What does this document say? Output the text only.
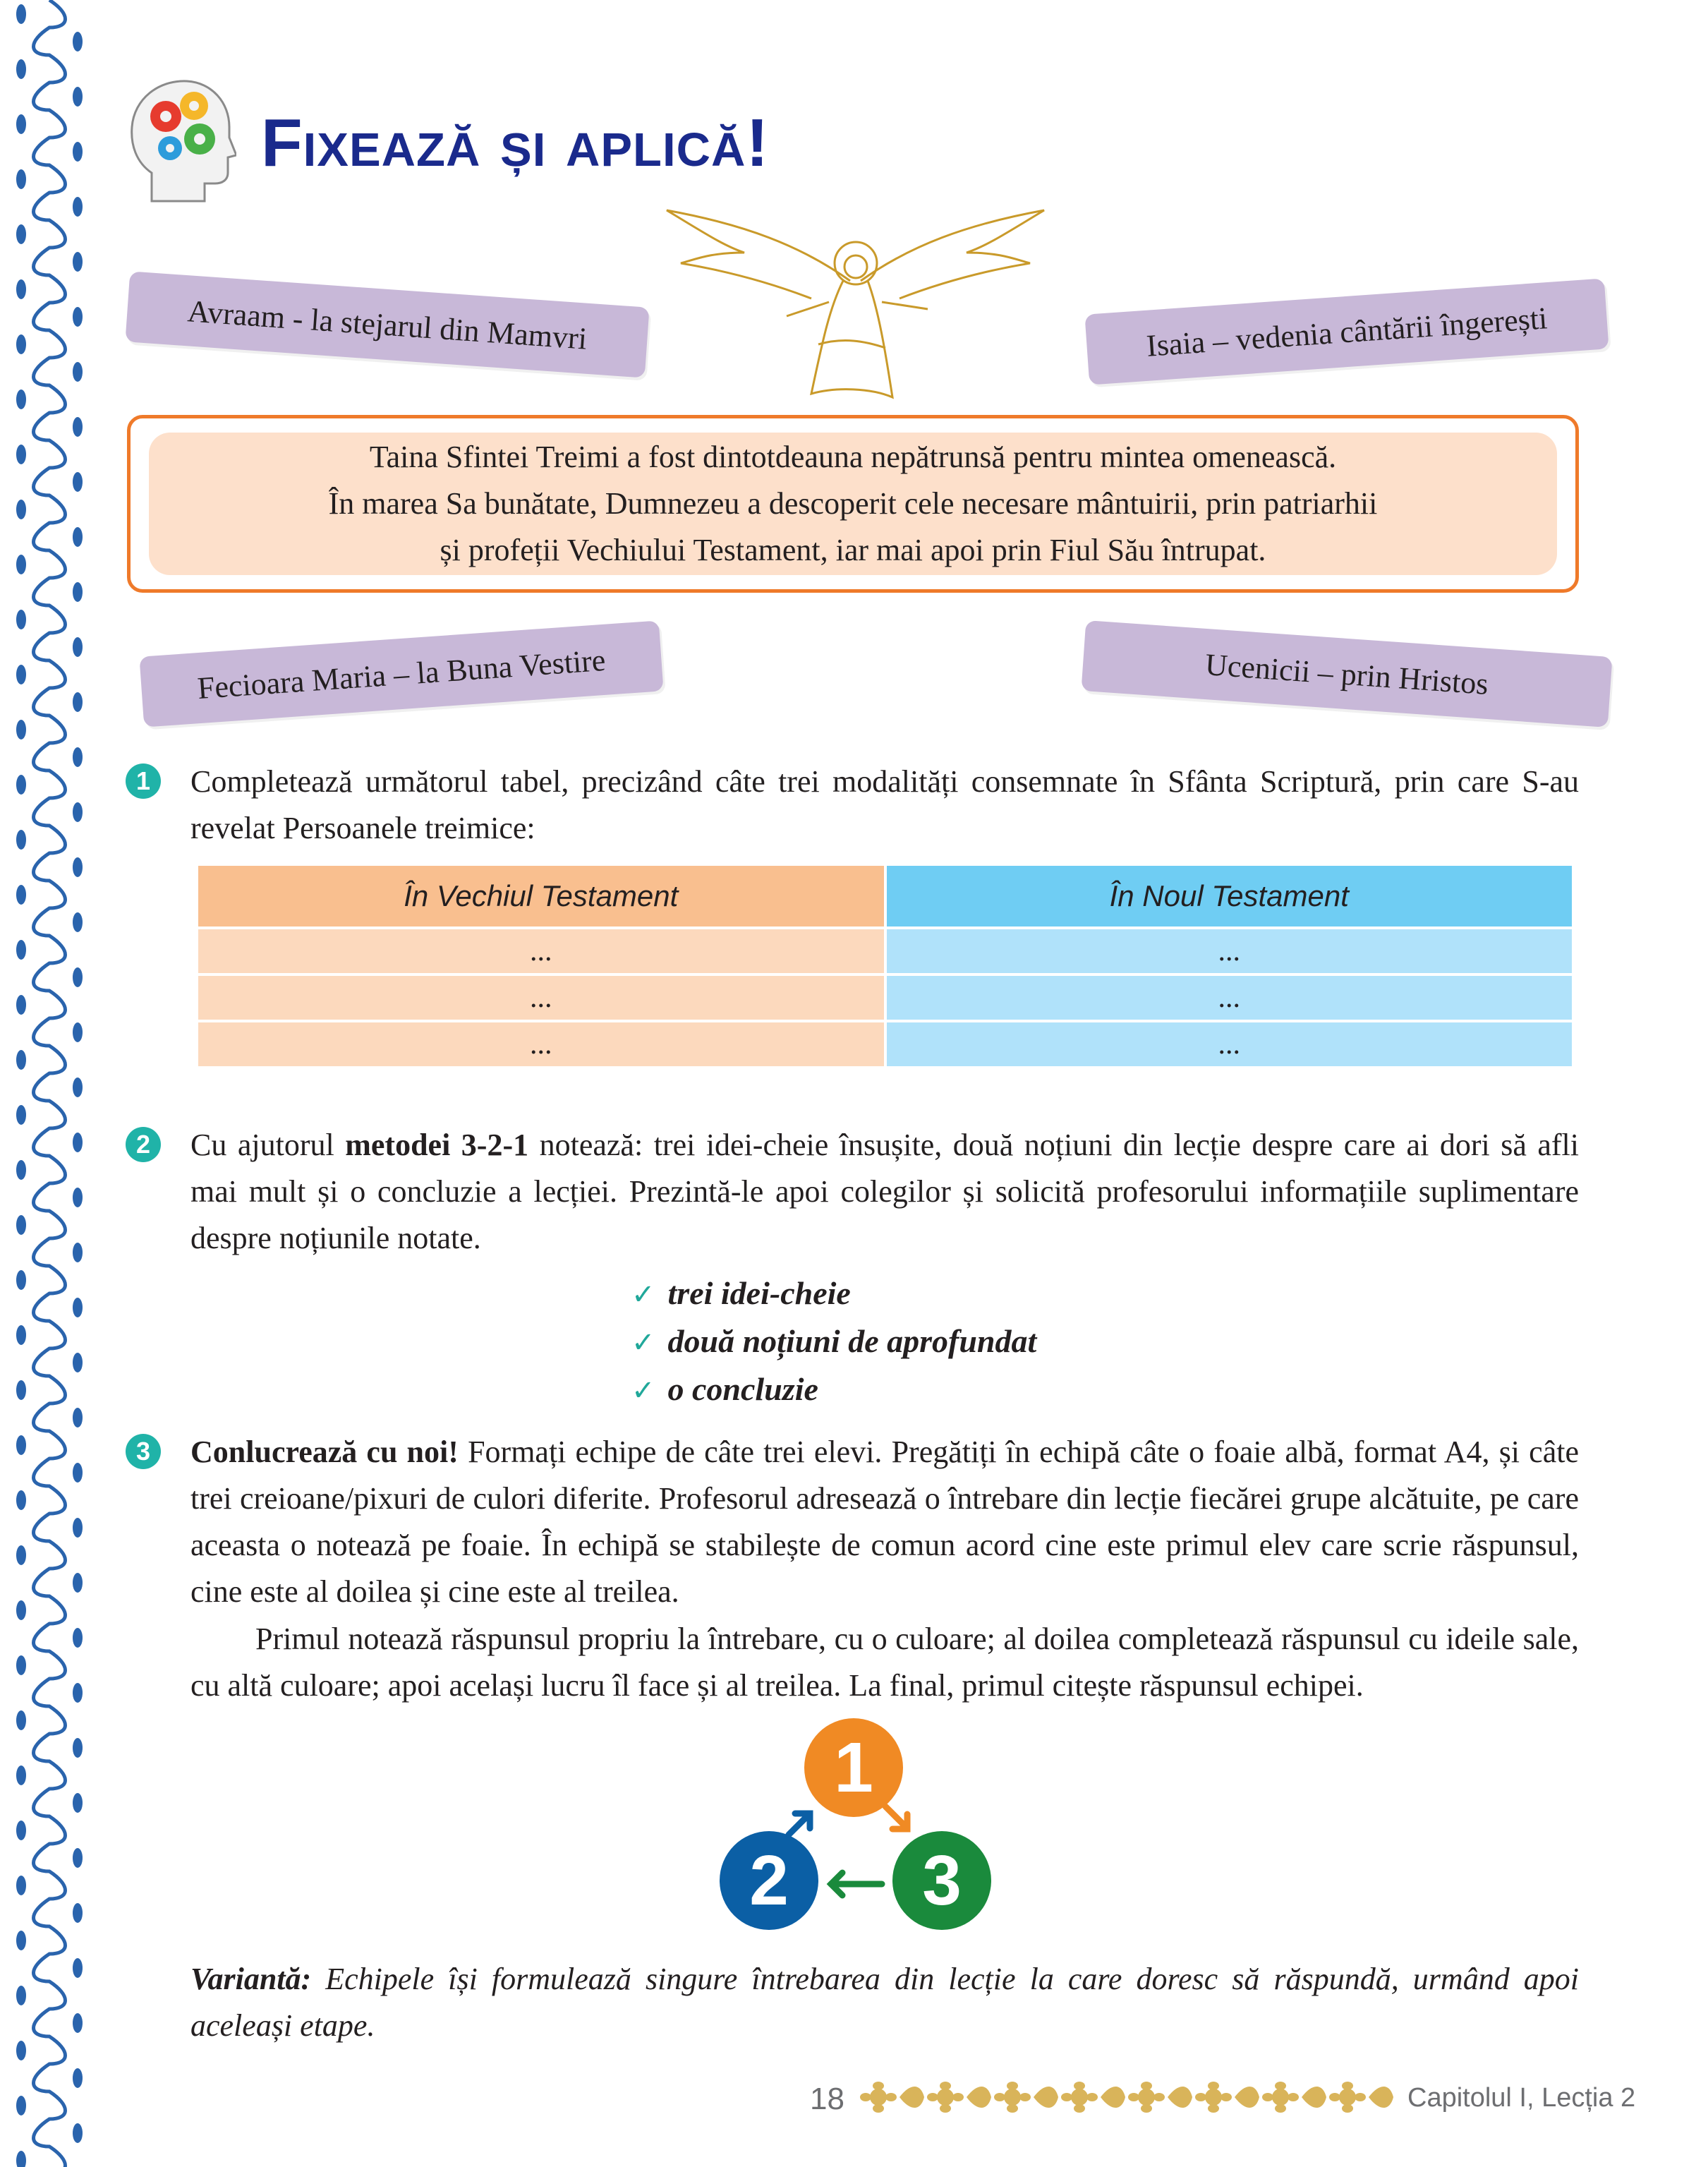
Fixează și aplică!
Avraam - la stejarul din Mamvri	Isaia – vedenia cântării îngerești
Taina Sfintei Treimi a fost dintotdeauna nepătrunsă pentru mintea omenească.
În marea Sa bunătate, Dumnezeu a descoperit cele necesare mântuirii, prin patriarhii
și profeții Vechiului Testament, iar mai apoi prin Fiul Său întrupat.
Fecioara Maria – la Buna Vestire	Ucenicii – prin Hristos
1	Completează următorul tabel, precizând câte trei modalități consemnate în Sfânta Scriptură, prin care S-au revelat Persoanele treimice:
În Vechiul Testament	În Noul Testament
...	...
...	...
...	...
2	Cu ajutorul metodei 3-2-1 notează: trei idei-cheie însușite, două noțiuni din lecție despre care ai dori să afli mai mult și o concluzie a lecției. Prezintă-le apoi colegilor și solicită profesorului informațiile suplimentare despre noțiunile notate.
✓ trei idei-cheie
✓ două noțiuni de aprofundat
✓ o concluzie
3	Conlucrează cu noi! Formați echipe de câte trei elevi. Pregătiți în echipă câte o foaie albă, format A4, și câte trei creioane/pixuri de culori diferite. Profesorul adresează o întrebare din lecție fiecărei grupe alcătuite, pe care aceasta o notează pe foaie. În echipă se stabilește de comun acord cine este primul elev care scrie răspunsul, cine este al doilea și cine este al treilea.
Primul notează răspunsul propriu la întrebare, cu o culoare; al doilea completează răspunsul cu ideile sale, cu altă culoare; apoi același lucru îl face și al treilea. La final, primul citește răspunsul echipei.
1
2 3
Variantă: Echipele își formulează singure întrebarea din lecție la care doresc să răspundă, urmând apoi aceleași etape.
18	Capitolul I, Lecția 2
